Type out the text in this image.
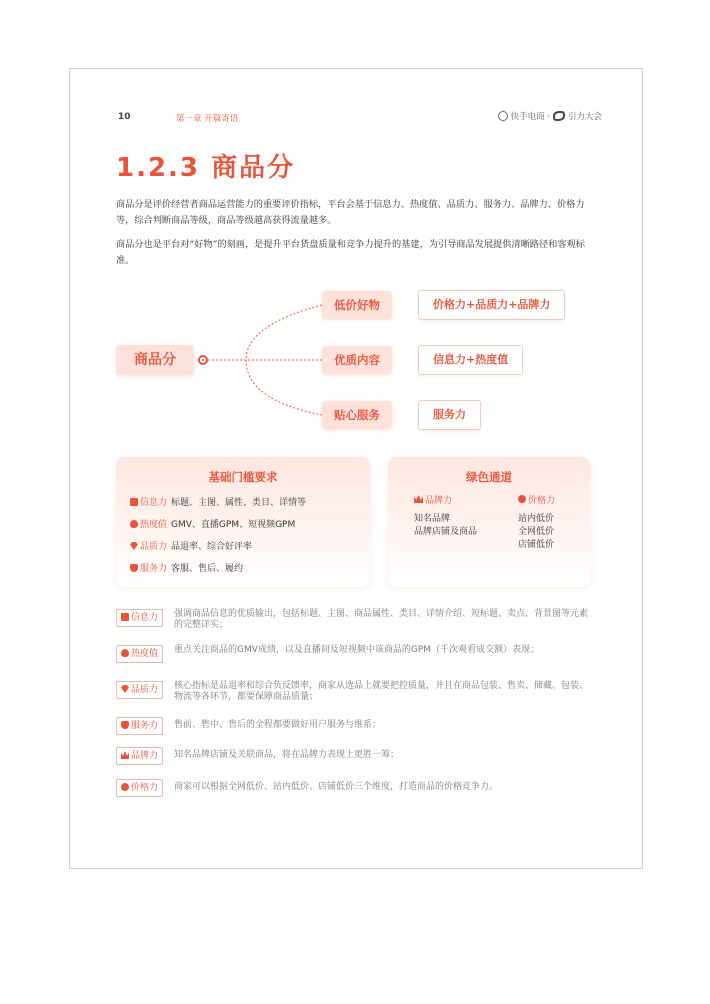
10	第一章 开篇寄语	快手电商 · 引力大会
1.2.3 商品分

商品分是评价经营者商品运营能力的重要评价指标，平台会基于信息力、热度值、品质力、服务力、品牌力、价格力等，综合判断商品等级，商品等级越高获得流量越多。

商品分也是平台对“好物”的刻画，是提升平台货盘质量和竞争力提升的基建，为引导商品发展提供清晰路径和客观标准。

商品分
低价好物
优质内容
贴心服务
价格力+品质力+品牌力
信息力+热度值
服务力
基础门槛要求
信息力 标题、主图、属性、类目、详情等
热度值 GMV、直播GPM、短视频GPM
品质力 品退率、综合好评率
服务力 客服、售后、履约
绿色通道
品牌力
知名品牌
品牌店铺及商品
价格力
站内低价
全网低价
店铺低价
信息力	强调商品信息的优质输出，包括标题、主图、商品属性、类目、详情介绍、短标题、卖点、背景图等元素的完整详实；
热度值	重点关注商品的GMV成绩，以及直播间及短视频中该商品的GPM（千次观看成交额）表现；
品质力	核心指标是品退率和综合负反馈率，商家从选品上就要把控质量，并且在商品包装、售卖、储藏、包装、物流等各环节，都要保障商品质量；
服务力	售前、售中、售后的全程都要做好用户服务与维系；
品牌力	知名品牌店铺及关联商品，将在品牌力表现上更胜一筹；
价格力	商家可以根据全网低价、站内低价、店铺低价三个维度，打造商品的价格竞争力。
